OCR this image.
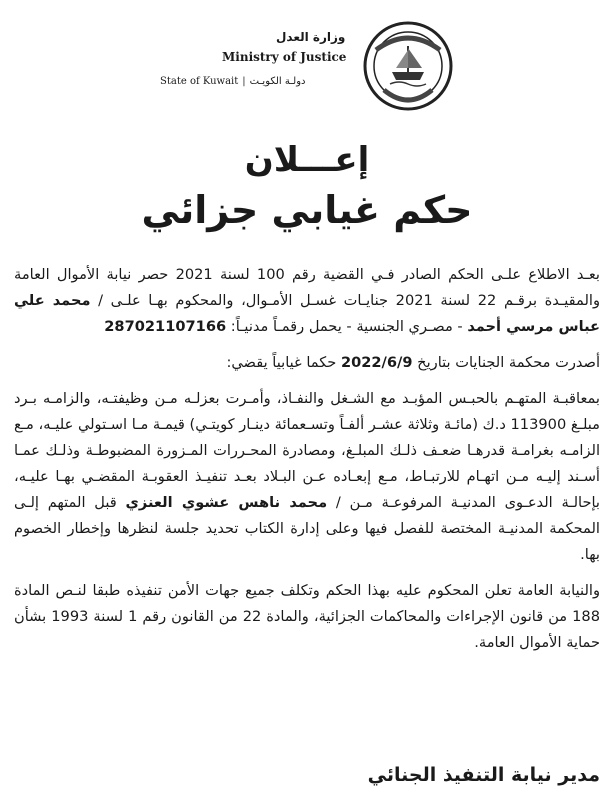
وزارة العدل
Ministry of Justice
State of Kuwait | دولـة الكويـت
إعـــلان
حكم غيابي جزائي

بعـد الاطلاع علـى الحكم الصادر فـي القضية رقم 100 لسنة 2021 حصر نيابة الأموال العامة والمقيـدة برقـم 22 لسنة 2021 جنايـات غسـل الأمـوال، والمحكوم بهـا علـى / محمد علي عباس مرسي أحمد - مصـري الجنسية - يحمل رقمـاً مدنيـاً: 287021107166

أصدرت محكمة الجنايات بتاريخ 2022/6/9 حكما غيابياً يقضي:

بمعاقبـة المتهـم بالحبـس المؤبـد مع الشـغل والنفـاذ، وأمـرت بعزلـه مـن وظيفتـه، والزامـه بـرد مبلـغ 113900 د.ك (مائـة وثلاثة عشـر ألفـاً وتسـعمائة دينـار كويتـي) قيمـة مـا اسـتولي عليـه، مـع الزامـه بغرامـة قدرهـا ضعـف ذلـك المبلـغ، ومصادرة المحـررات المـزورة المضبوطـة وذلـك عمـا أسـند إليـه مـن اتهـام للارتبـاط، مـع إبعـاده عـن البـلاد بعـد تنفيـذ العقوبـة المقضـي بهـا عليـه، بإحالـة الدعـوى المدنيـة المرفوعـة مـن / محمد ناهس عشوي العنزي قبل المتهم إلـى المحكمة المدنيـة المختصة للفصل فيها وعلى إدارة الكتاب تحديد جلسة لنظرها وإخطار الخصوم بها.

والنيابة العامة تعلن المحكوم عليه بهذا الحكم وتكلف جميع جهات الأمن تنفيذه طبقا لنـص المادة 188 من قانون الإجراءات والمحاكمات الجزائية، والمادة 22 من القانون رقم 1 لسنة 1993 بشأن حماية الأموال العامة.

مدير نيابة التنفيذ الجنائي
